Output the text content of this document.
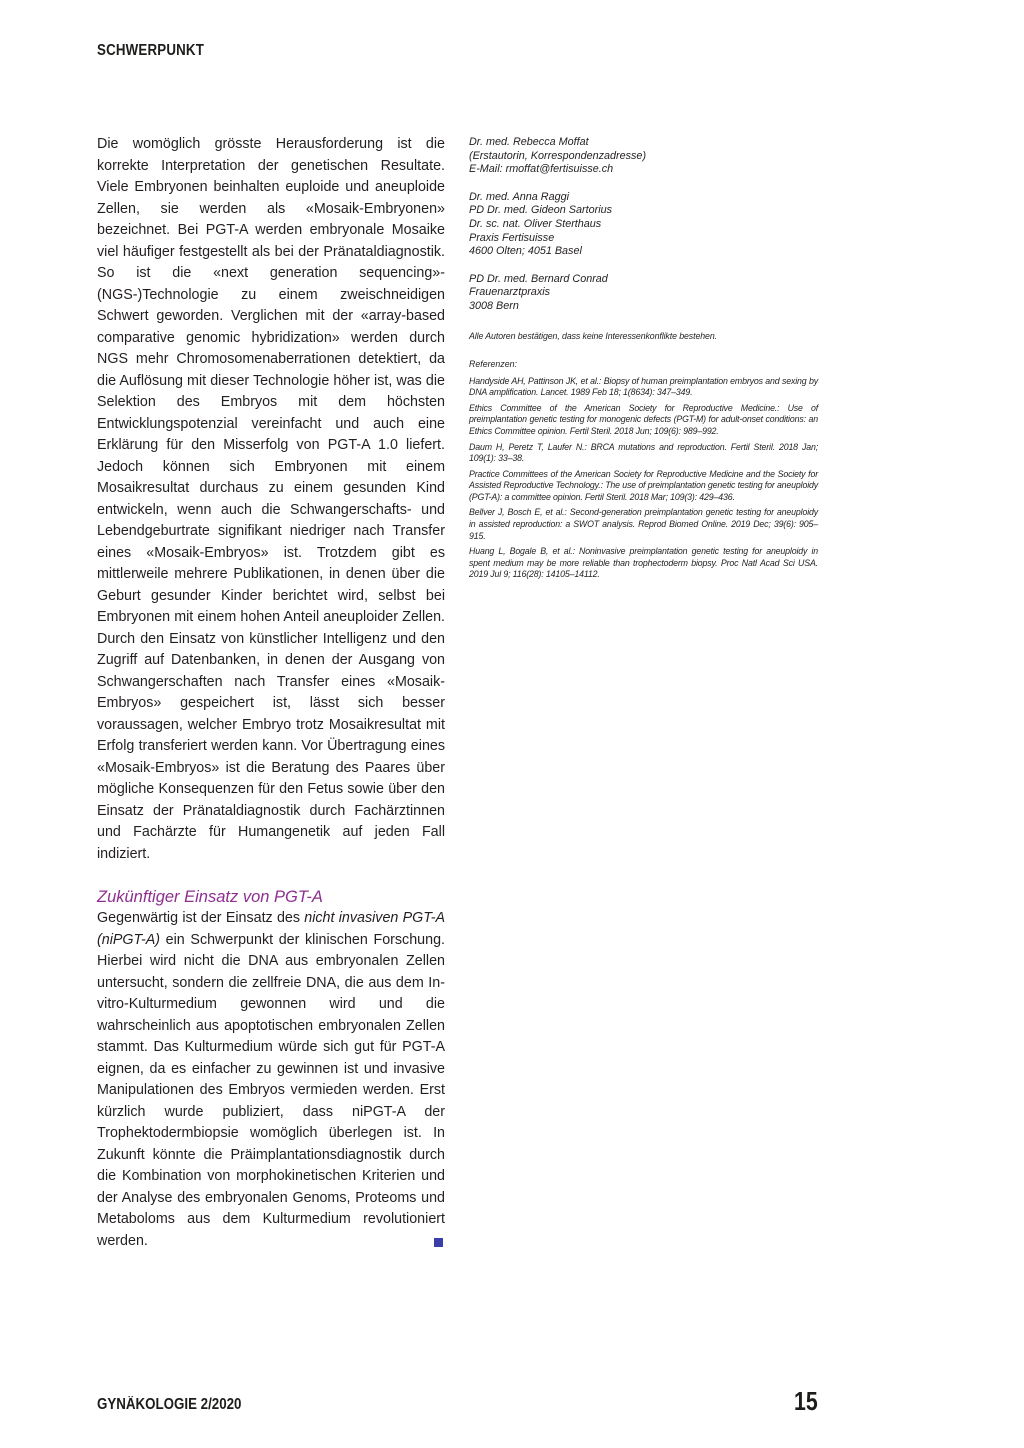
SCHWERPUNKT

Die womöglich grösste Herausforderung ist die korrekte Interpretation der genetischen Resultate. Viele Embryonen beinhalten euploide und aneuploide Zellen, sie werden als «Mosaik-Embryonen» bezeichnet. Bei PGT-A werden embryonale Mosaike viel häufiger festgestellt als bei der Pränataldiagnostik. So ist die «next generation sequencing»-(NGS-)Technologie zu einem zweischneidigen Schwert geworden. Verglichen mit der «array-based comparative genomic hybridization» werden durch NGS mehr Chromosomenaberrationen detektiert, da die Auflösung mit dieser Technologie höher ist, was die Selektion des Embryos mit dem höchsten Entwicklungspotenzial vereinfacht und auch eine Erklärung für den Misserfolg von PGT-A 1.0 liefert. Jedoch können sich Embryonen mit einem Mosaikresultat durchaus zu einem gesunden Kind entwickeln, wenn auch die Schwangerschafts- und Lebendgeburtrate signifikant niedriger nach Transfer eines «Mosaik-Embryos» ist. Trotzdem gibt es mittlerweile mehrere Publikationen, in denen über die Geburt gesunder Kinder berichtet wird, selbst bei Embryonen mit einem hohen Anteil aneuploider Zellen. Durch den Einsatz von künstlicher Intelligenz und den Zugriff auf Datenbanken, in denen der Ausgang von Schwangerschaften nach Transfer eines «Mosaik-Embryos» gespeichert ist, lässt sich besser voraussagen, welcher Embryo trotz Mosaikresultat mit Erfolg transferiert werden kann. Vor Übertragung eines «Mosaik-Embryos» ist die Beratung des Paares über mögliche Konsequenzen für den Fetus sowie über den Einsatz der Pränataldiagnostik durch Fachärztinnen und Fachärzte für Humangenetik auf jeden Fall indiziert.

Zukünftiger Einsatz von PGT-A

Gegenwärtig ist der Einsatz des nicht invasiven PGT-A (niPGT-A) ein Schwerpunkt der klinischen Forschung. Hierbei wird nicht die DNA aus embryonalen Zellen untersucht, sondern die zellfreie DNA, die aus dem In-vitro-Kulturmedium gewonnen wird und die wahrscheinlich aus apoptotischen embryonalen Zellen stammt. Das Kulturmedium würde sich gut für PGT-A eignen, da es einfacher zu gewinnen ist und invasive Manipulationen des Embryos vermieden werden. Erst kürzlich wurde publiziert, dass niPGT-A der Trophektodermbiopsie womöglich überlegen ist. In Zukunft könnte die Präimplantationsdiagnostik durch die Kombination von morphokinetischen Kriterien und der Analyse des embryonalen Genoms, Proteoms und Metaboloms aus dem Kulturmedium revolutioniert werden.

Dr. med. Rebecca Moffat
(Erstautorin, Korrespondenzadresse)
E-Mail: rmoffat@fertisuisse.ch
Dr. med. Anna Raggi
PD Dr. med. Gideon Sartorius
Dr. sc. nat. Oliver Sterthaus
Praxis Fertisuisse
4600 Olten; 4051 Basel
PD Dr. med. Bernard Conrad
Frauenarztpraxis
3008 Bern

Alle Autoren bestätigen, dass keine Interessenkonflikte bestehen.

Referenzen:

Handyside AH, Pattinson JK, et al.: Biopsy of human preimplantation embryos and sexing by DNA amplification. Lancet. 1989 Feb 18; 1(8634): 347–349.

Ethics Committee of the American Society for Reproductive Medicine.: Use of preimplantation genetic testing for monogenic defects (PGT-M) for adult-onset conditions: an Ethics Committee opinion. Fertil Steril. 2018 Jun; 109(6): 989–992.

Daum H, Peretz T, Laufer N.: BRCA mutations and reproduction. Fertil Steril. 2018 Jan; 109(1): 33–38.

Practice Committees of the American Society for Reproductive Medicine and the Society for Assisted Reproductive Technology.: The use of preimplantation genetic testing for aneuploidy (PGT-A): a committee opinion. Fertil Steril. 2018 Mar; 109(3): 429–436.

Bellver J, Bosch E, et al.: Second-generation preimplantation genetic testing for aneuploidy in assisted reproduction: a SWOT analysis. Reprod Biomed Online. 2019 Dec; 39(6): 905–915.

Huang L, Bogale B, et al.: Noninvasive preimplantation genetic testing for aneuploidy in spent medium may be more reliable than trophectoderm biopsy. Proc Natl Acad Sci USA. 2019 Jul 9; 116(28): 14105–14112.

GYNÄKOLOGIE 2/2020	15
